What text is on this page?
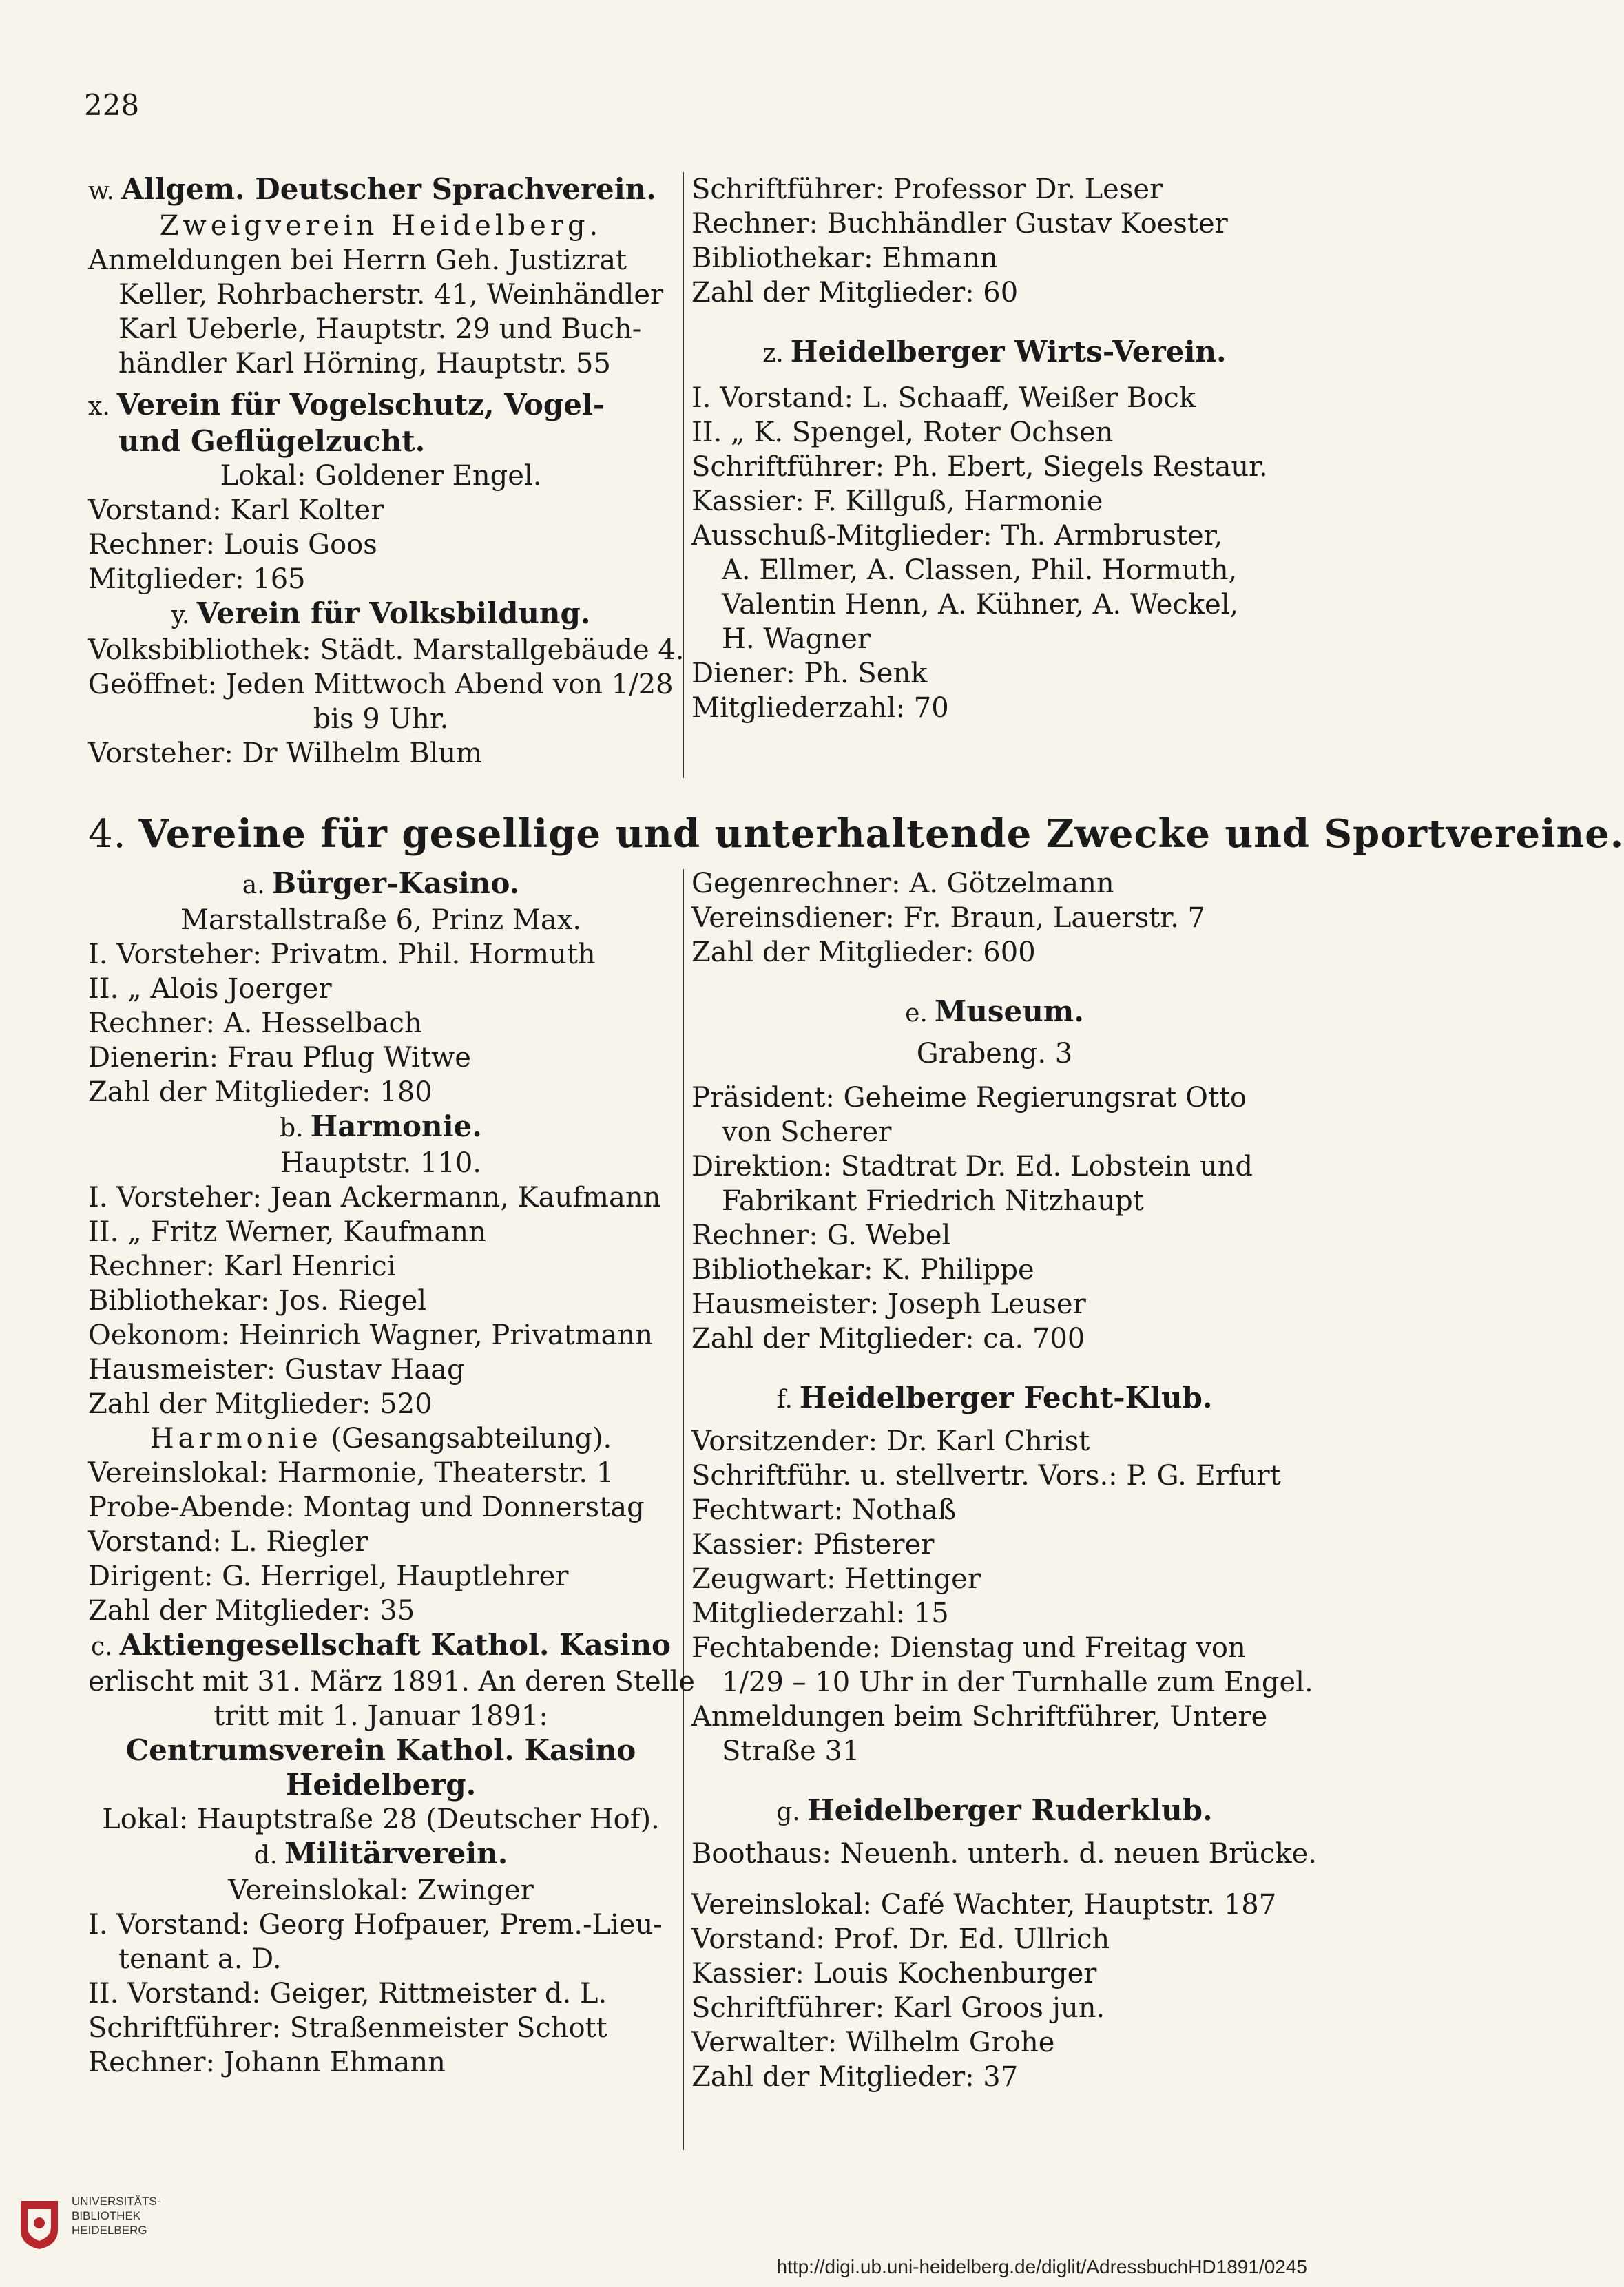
228
w. Allgem. Deutscher Sprachverein.
Zweigverein Heidelberg.
Anmeldungen bei Herrn Geh. Justizrat
Keller, Rohrbacherstr. 41, Weinhändler
Karl Ueberle, Hauptstr. 29 und Buch-
händler Karl Hörning, Hauptstr. 55
x. Verein für Vogelschutz, Vogel-
und Geflügelzucht.
Lokal: Goldener Engel.
Vorstand: Karl Kolter
Rechner: Louis Goos
Mitglieder: 165
y. Verein für Volksbildung.
Volksbibliothek: Städt. Marstallgebäude 4.
Geöffnet: Jeden Mittwoch Abend von 1/28
bis 9 Uhr.
Vorsteher: Dr Wilhelm Blum
Schriftführer: Professor Dr. Leser
Rechner: Buchhändler Gustav Koester
Bibliothekar: Ehmann
Zahl der Mitglieder: 60
z. Heidelberger Wirts-Verein.
I. Vorstand: L. Schaaff, Weißer Bock
II. „ K. Spengel, Roter Ochsen
Schriftführer: Ph. Ebert, Siegels Restaur.
Kassier: F. Killguß, Harmonie
Ausschuß-Mitglieder: Th. Armbruster,
A. Ellmer, A. Classen, Phil. Hormuth,
Valentin Henn, A. Kühner, A. Weckel,
H. Wagner
Diener: Ph. Senk
Mitgliederzahl: 70
4. Vereine für gesellige und unterhaltende Zwecke und Sportvereine.
a. Bürger-Kasino.
Marstallstraße 6, Prinz Max.
I. Vorsteher: Privatm. Phil. Hormuth
II. „ Alois Joerger
Rechner: A. Hesselbach
Dienerin: Frau Pflug Witwe
Zahl der Mitglieder: 180
b. Harmonie.
Hauptstr. 110.
I. Vorsteher: Jean Ackermann, Kaufmann
II. „ Fritz Werner, Kaufmann
Rechner: Karl Henrici
Bibliothekar: Jos. Riegel
Oekonom: Heinrich Wagner, Privatmann
Hausmeister: Gustav Haag
Zahl der Mitglieder: 520
Harmonie (Gesangsabteilung).
Vereinslokal: Harmonie, Theaterstr. 1
Probe-Abende: Montag und Donnerstag
Vorstand: L. Riegler
Dirigent: G. Herrigel, Hauptlehrer
Zahl der Mitglieder: 35
c. Aktiengesellschaft Kathol. Kasino
erlischt mit 31. März 1891. An deren Stelle
tritt mit 1. Januar 1891:
Centrumsverein Kathol. Kasino
Heidelberg.
Lokal: Hauptstraße 28 (Deutscher Hof).
d. Militärverein.
Vereinslokal: Zwinger
I. Vorstand: Georg Hofpauer, Prem.-Lieu-
tenant a. D.
II. Vorstand: Geiger, Rittmeister d. L.
Schriftführer: Straßenmeister Schott
Rechner: Johann Ehmann
Gegenrechner: A. Götzelmann
Vereinsdiener: Fr. Braun, Lauerstr. 7
Zahl der Mitglieder: 600
e. Museum.
Grabeng. 3
Präsident: Geheime Regierungsrat Otto
von Scherer
Direktion: Stadtrat Dr. Ed. Lobstein und
Fabrikant Friedrich Nitzhaupt
Rechner: G. Webel
Bibliothekar: K. Philippe
Hausmeister: Joseph Leuser
Zahl der Mitglieder: ca. 700
f. Heidelberger Fecht-Klub.
Vorsitzender: Dr. Karl Christ
Schriftführ. u. stellvertr. Vors.: P. G. Erfurt
Fechtwart: Nothaß
Kassier: Pfisterer
Zeugwart: Hettinger
Mitgliederzahl: 15
Fechtabende: Dienstag und Freitag von
1/29 – 10 Uhr in der Turnhalle zum Engel.
Anmeldungen beim Schriftführer, Untere
Straße 31
g. Heidelberger Ruderklub.
Boothaus: Neuenh. unterh. d. neuen Brücke.
Vereinslokal: Café Wachter, Hauptstr. 187
Vorstand: Prof. Dr. Ed. Ullrich
Kassier: Louis Kochenburger
Schriftführer: Karl Groos jun.
Verwalter: Wilhelm Grohe
Zahl der Mitglieder: 37
UNIVERSITÄTS-
BIBLIOTHEK
HEIDELBERG
http://digi.ub.uni-heidelberg.de/diglit/AdressbuchHD1891/0245
